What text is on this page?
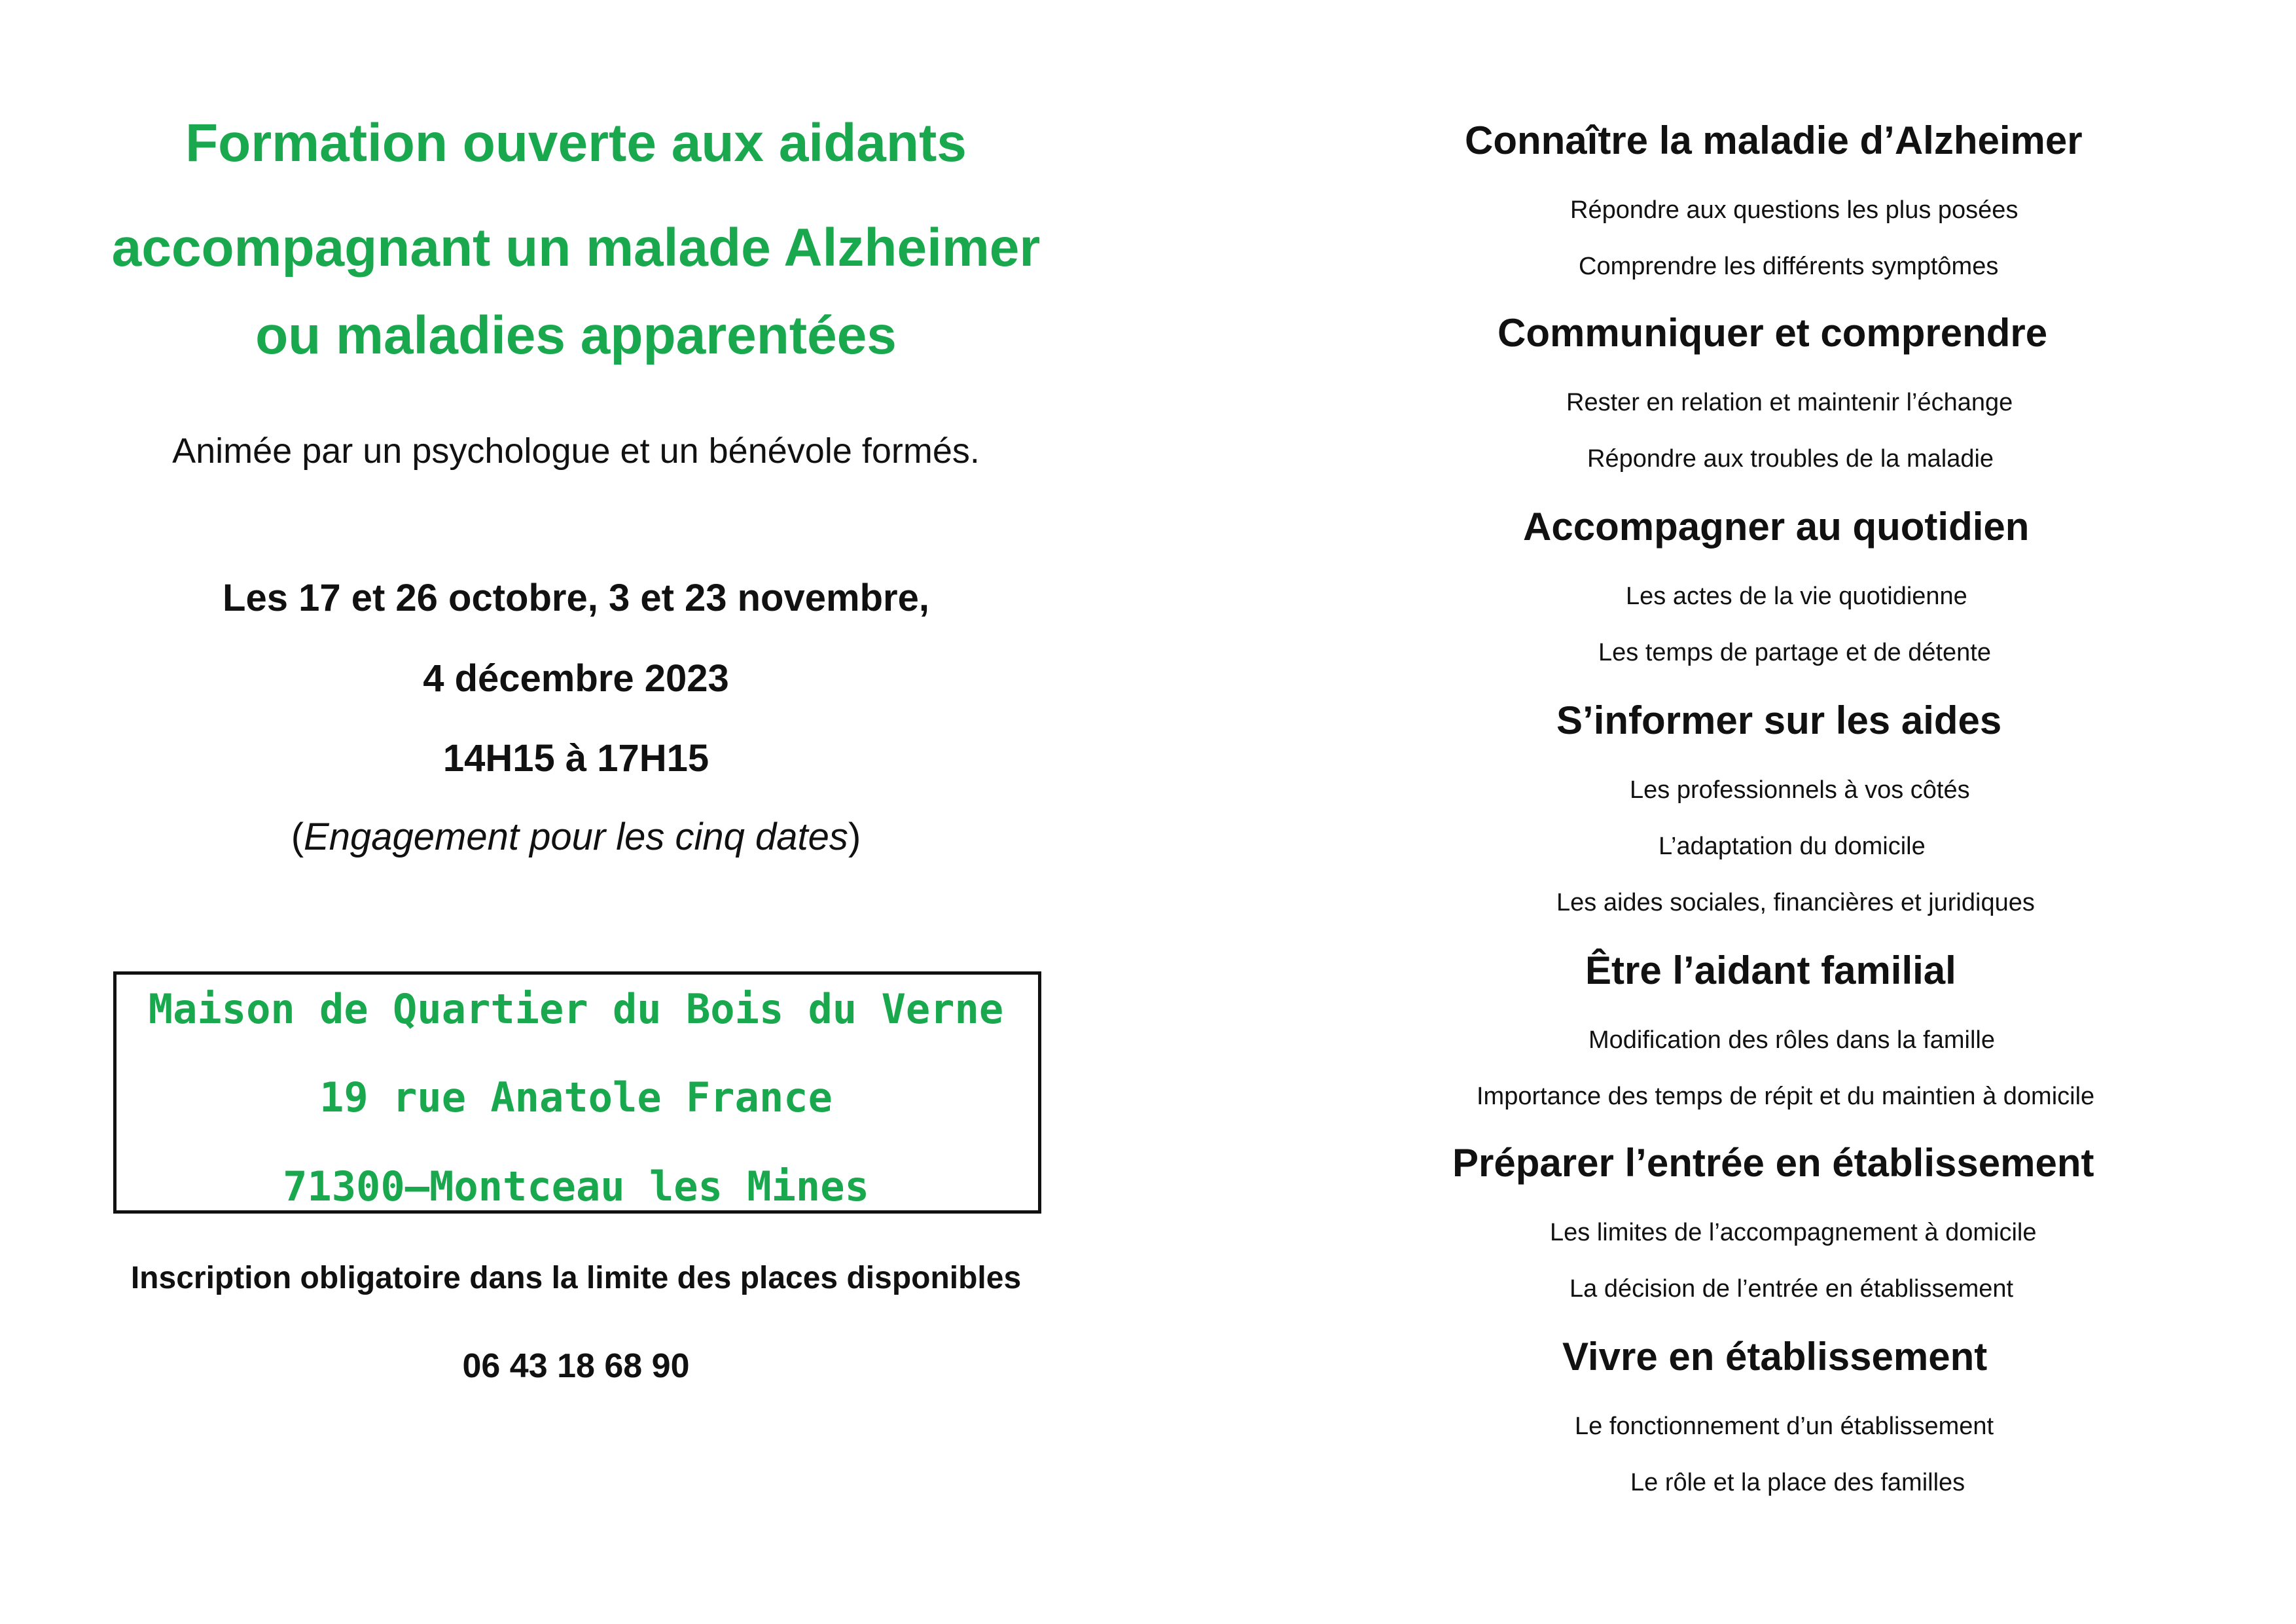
Formation ouverte aux aidants

accompagnant un malade Alzheimer

ou maladies apparentées

Animée par un psychologue et un bénévole formés.

Les 17 et 26 octobre, 3 et 23 novembre,

4 décembre 2023

14H15 à 17H15

(Engagement pour les cinq dates)

Maison de Quartier du Bois du Verne

19 rue Anatole France

71300—Montceau les Mines

Inscription obligatoire dans la limite des places disponibles

06 43 18 68 90

Connaître la maladie d’Alzheimer
Répondre aux questions les plus posées
Comprendre les différents symptômes
Communiquer et comprendre
Rester en relation et maintenir l’échange
Répondre aux troubles de la maladie
Accompagner au quotidien
Les actes de la vie quotidienne
Les temps de partage et de détente
S’informer sur les aides
Les professionnels à vos côtés
L’adaptation du domicile
Les aides sociales, financières et juridiques
Être l’aidant familial
Modification des rôles dans la famille
Importance des temps de répit et du maintien à domicile
Préparer l’entrée en établissement
Les limites de l’accompagnement à domicile
La décision de l’entrée en établissement
Vivre en établissement
Le fonctionnement d’un établissement
Le rôle et la place des familles
